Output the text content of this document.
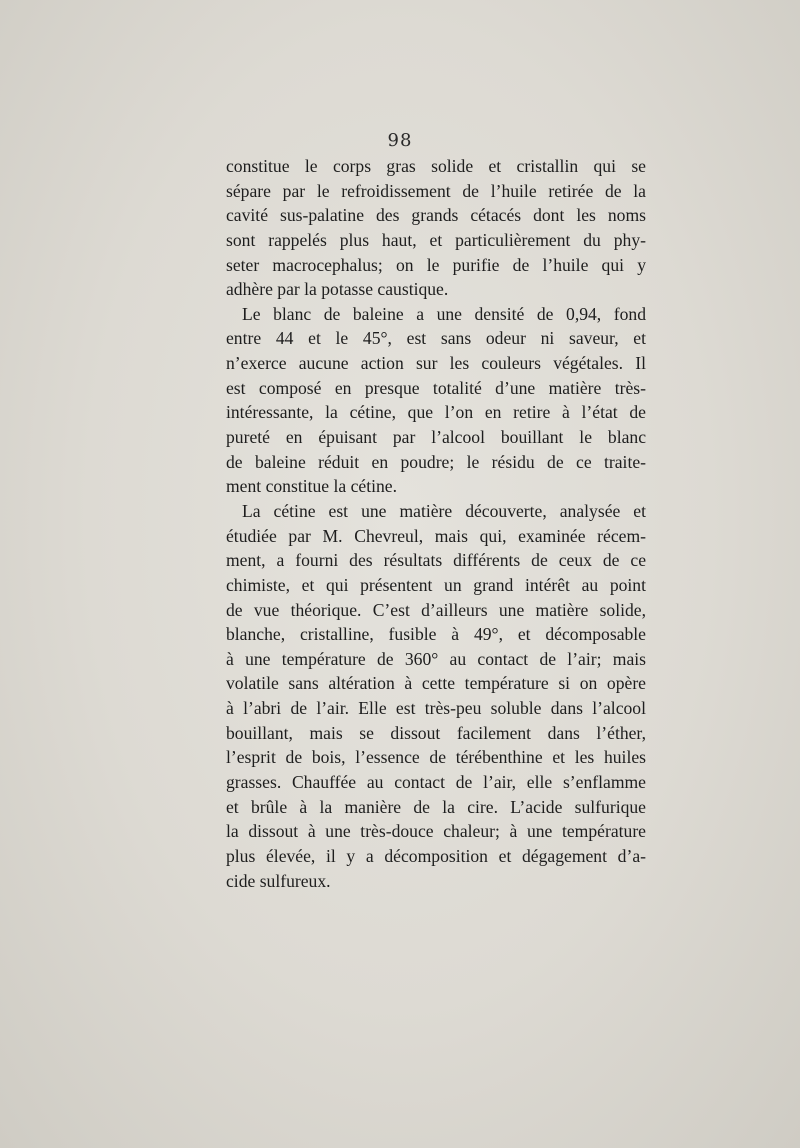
98
constitue le corps gras solide et cristallin qui se
sépare par le refroidissement de l’huile retirée de la
cavité sus-palatine des grands cétacés dont les noms
sont rappelés plus haut, et particulièrement du phy-
seter macrocephalus; on le purifie de l’huile qui y
adhère par la potasse caustique.
Le blanc de baleine a une densité de 0,94, fond
entre 44 et le 45°, est sans odeur ni saveur, et
n’exerce aucune action sur les couleurs végétales. Il
est composé en presque totalité d’une matière très-
intéressante, la cétine, que l’on en retire à l’état de
pureté en épuisant par l’alcool bouillant le blanc
de baleine réduit en poudre; le résidu de ce traite-
ment constitue la cétine.
La cétine est une matière découverte, analysée et
étudiée par M. Chevreul, mais qui, examinée récem-
ment, a fourni des résultats différents de ceux de ce
chimiste, et qui présentent un grand intérêt au point
de vue théorique. C’est d’ailleurs une matière solide,
blanche, cristalline, fusible à 49°, et décomposable
à une température de 360° au contact de l’air; mais
volatile sans altération à cette température si on opère
à l’abri de l’air. Elle est très-peu soluble dans l’alcool
bouillant, mais se dissout facilement dans l’éther,
l’esprit de bois, l’essence de térébenthine et les huiles
grasses. Chauffée au contact de l’air, elle s’enflamme
et brûle à la manière de la cire. L’acide sulfurique
la dissout à une très-douce chaleur; à une température
plus élevée, il y a décomposition et dégagement d’a-
cide sulfureux.
